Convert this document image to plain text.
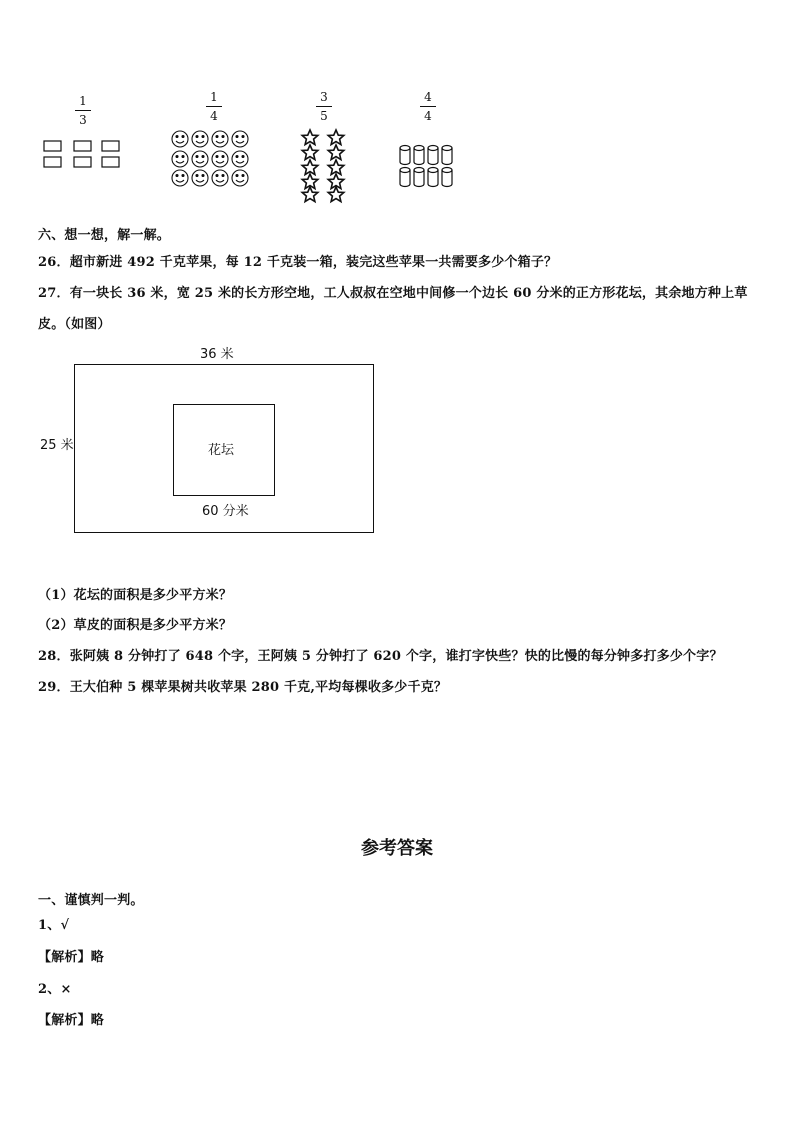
1
3
1
4
3
5
4
4
六、想一想，解一解。
26．超市新进 492 千克苹果，每 12 千克装一箱，装完这些苹果一共需要多少个箱子？
27．有一块长 36 米，宽 25 米的长方形空地，工人叔叔在空地中间修一个边长 60 分米的正方形花坛，其余地方种上草
皮。（如图）
36 米
25 米	花坛
60 分米
（1）花坛的面积是多少平方米？
（2）草皮的面积是多少平方米？
28．张阿姨 8 分钟打了 648 个字，王阿姨 5 分钟打了 620 个字，谁打字快些？快的比慢的每分钟多打多少个字？
29．王大伯种 5 棵苹果树共收苹果 280 千克,平均每棵收多少千克？
参考答案
一、谨慎判一判。
1、√
【解析】略
2、×
【解析】略
